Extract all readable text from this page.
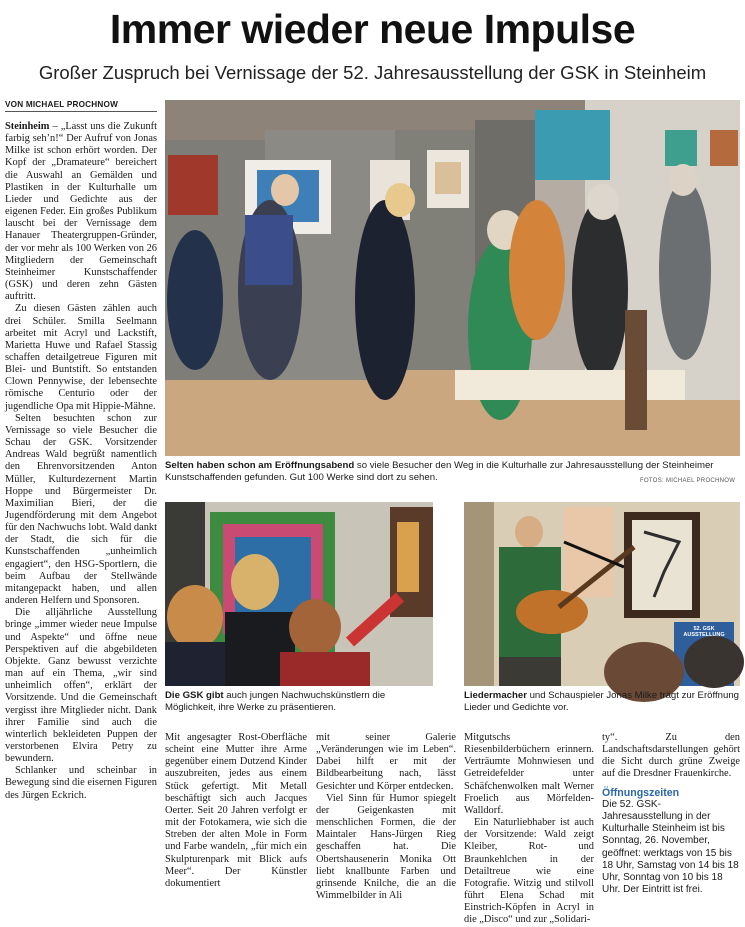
Immer wieder neue Impulse
Großer Zuspruch bei Vernissage der 52. Jahresausstellung der GSK in Steinheim
VON MICHAEL PROCHNOW

Steinheim – „Lasst uns die Zukunft farbig seh’n!“ Der Aufruf von Jonas Milke ist schon erhört worden. Der Kopf der „Dramateure“ bereichert die Auswahl an Gemälden und Plastiken in der Kulturhalle um Lieder und Gedichte aus der eigenen Feder. Ein großes Publikum lauscht bei der Vernissage dem Hanauer Theatergruppen-Gründer, der vor mehr als 100 Werken von 26 Mitgliedern der Gemeinschaft Steinheimer Kunstschaffender (GSK) und deren zehn Gästen auftritt.

Zu diesen Gästen zählen auch drei Schüler. Smilla Seelmann arbeitet mit Acryl und Lackstift, Marietta Huwe und Rafael Stassig schaffen detailgetreue Figuren mit Blei- und Buntstift. So entstanden Clown Pennywise, der lebensechte römische Centurio oder der jugendliche Opa mit Hippie-Mähne.

Selten besuchten schon zur Vernissage so viele Besucher die Schau der GSK. Vorsitzender Andreas Wald begrüßt namentlich den Ehrenvorsitzenden Anton Müller, Kulturdezernent Martin Hoppe und Bürgermeister Dr. Maximilian Bieri, der die Jugendförderung mit dem Angebot für den Nachwuchs lobt. Wald dankt der Stadt, die sich für die Kunstschaffenden „unheimlich engagiert“, den HSG-Sportlern, die beim Aufbau der Stellwände mitangepackt haben, und allen anderen Helfern und Sponsoren.

Die alljährliche Ausstellung bringe „immer wieder neue Impulse und Aspekte“ und öffne neue Perspektiven auf die abgebildeten Objekte. Ganz bewusst verzichte man auf ein Thema, „wir sind unheimlich offen“, erklärt der Vorsitzende. Und die Gemeinschaft vergisst ihre Mitglieder nicht. Dank ihrer Familie sind auch die winterlich bekleideten Puppen der verstorbenen Elvira Petry zu bewundern.

Schlanker und scheinbar in Bewegung sind die eisernen Figuren des Jürgen Eckrich.

Selten haben schon am Eröffnungsabend so viele Besucher den Weg in die Kulturhalle zur Jahresausstellung der Steinheimer Kunstschaffenden gefunden. Gut 100 Werke sind dort zu sehen.	FOTOS: MICHAEL PROCHNOW
Die GSK gibt auch jungen Nachwuchskünstlern die Möglichkeit, ihre Werke zu präsentieren.
52. GSK
AUSSTELLUNG
Liedermacher und Schauspieler Jonas Milke trägt zur Eröffnung Lieder und Gedichte vor.

Mit angesagter Rost-Oberfläche scheint eine Mutter ihre Arme gegenüber einem Dutzend Kinder auszubreiten, jedes aus einem Stück gefertigt. Mit Metall beschäftigt sich auch Jacques Oerter. Seit 20 Jahren verfolgt er mit der Fotokamera, wie sich die Streben der alten Mole in Form und Farbe wandeln, „für mich ein Skulpturenpark mit Blick aufs Meer“. Der Künstler dokumentiert

mit seiner Galerie „Veränderungen wie im Leben“. Dabei hilft er mit der Bildbearbeitung nach, lässt Gesichter und Körper entdecken.

Viel Sinn für Humor spiegelt der Geigenkasten mit menschlichen Formen, die der Maintaler Hans-Jürgen Rieg geschaffen hat. Die Obertshausenerin Monika Ott liebt knallbunte Farben und grinsende Knilche, die an die Wimmelbilder in Ali

Mitgutschs Riesenbilderbüchern erinnern. Verträumte Mohnwiesen und Getreidefelder unter Schäfchenwolken malt Werner Froelich aus Mörfelden-Walldorf.

Ein Naturliebhaber ist auch der Vorsitzende: Wald zeigt Kleiber, Rot- und Braunkehlchen in der Detailtreue wie eine Fotografie. Witzig und stilvoll führt Elena Schad mit Einstrich-Köpfen in Acryl in die „Disco“ und zur „Solidari-

ty“. Zu den Landschaftsdarstellungen gehört die Sicht durch grüne Zweige auf die Dresdner Frauenkirche.

Öffnungszeiten
Die 52. GSK-Jahresausstellung in der Kulturhalle Steinheim ist bis Sonntag, 26. November, geöffnet: werktags von 15 bis 18 Uhr, Samstag von 14 bis 18 Uhr, Sonntag von 10 bis 18 Uhr. Der Eintritt ist frei.
